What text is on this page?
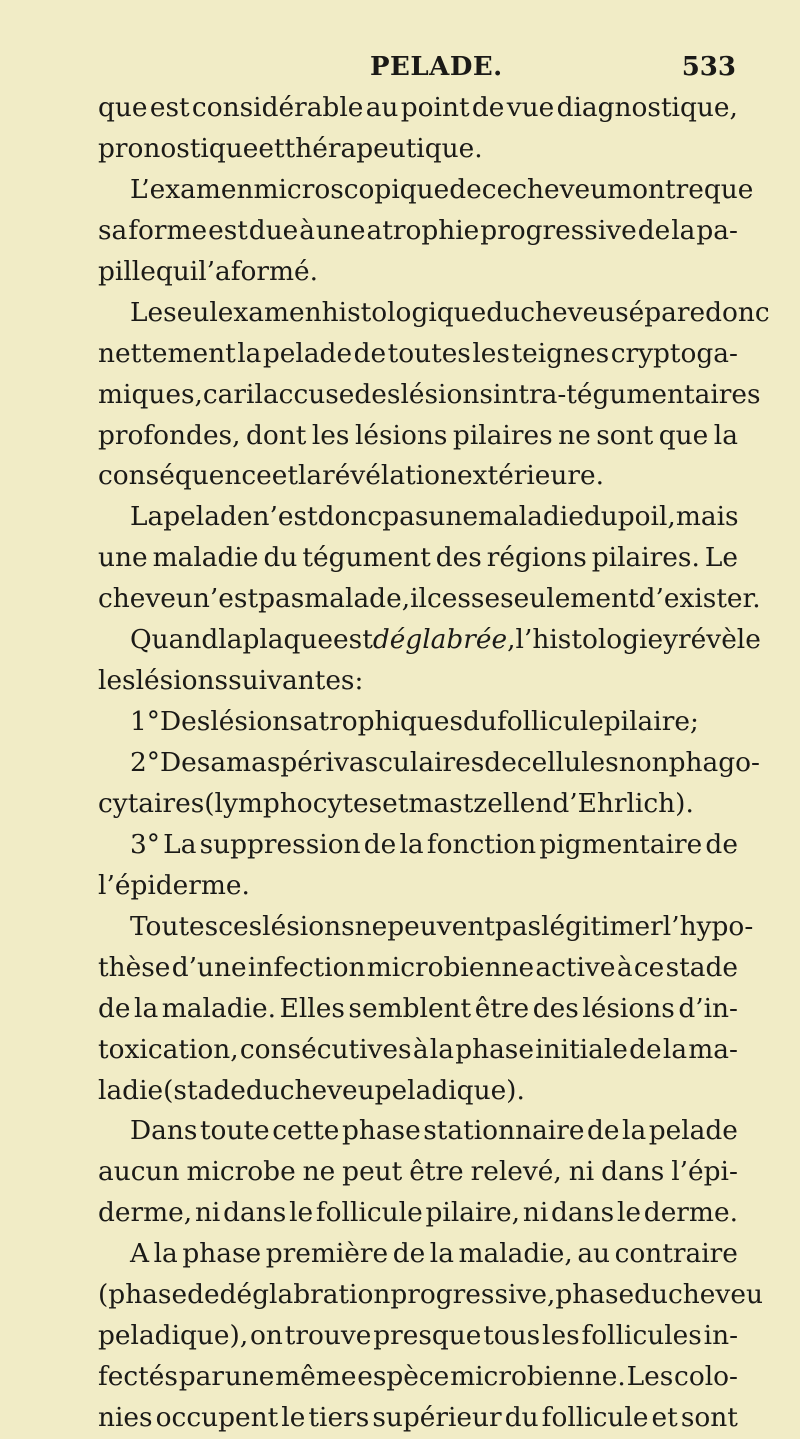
PELADE.	533
que est considérable au point de vue diagnostique,
pronostique et thérapeutique.
L’examen microscopique de ce cheveu montre que
sa forme est due à une atrophie progressive de la pa-
pille qui l’a formé.
Le seul examen histologique du cheveu sépare donc
nettement la pelade de toutes les teignes cryptoga-
miques, car il accuse des lésions intra-tégumentaires
profondes, dont les lésions pilaires ne sont que la
conséquence et la révélation extérieure.
La pelade n’est donc pas une maladie du poil, mais
une maladie du tégument des régions pilaires. Le
cheveu n’est pas malade, il cesse seulement d’exister.
Quand la plaque est déglabrée , l’histologie y révèle
les lésions suivantes :
1° Des lésions atrophiques du follicule pilaire ;
2° Des amas périvasculaires de cellules non phago-
cytaires (lymphocytes et mastzellen d’Ehrlich).
3° La suppression de la fonction pigmentaire de
l’épiderme.
Toutes ces lésions ne peuvent pas légitimer l’hypo-
thèse d’une infection microbienne active à ce stade
de la maladie. Elles semblent être des lésions d’in-
toxication, consécutives à la phase initiale de la ma-
ladie (stade du cheveu peladique).
Dans toute cette phase stationnaire de la pelade
aucun microbe ne peut être relevé, ni dans l’épi-
derme, ni dans le follicule pilaire, ni dans le derme.
A la phase première de la maladie, au contraire
(phase de déglabration progressive, phase du cheveu
peladique), on trouve presque tous les follicules in-
fectés par une même espèce microbienne. Les colo-
nies occupent le tiers supérieur du follicule et sont
